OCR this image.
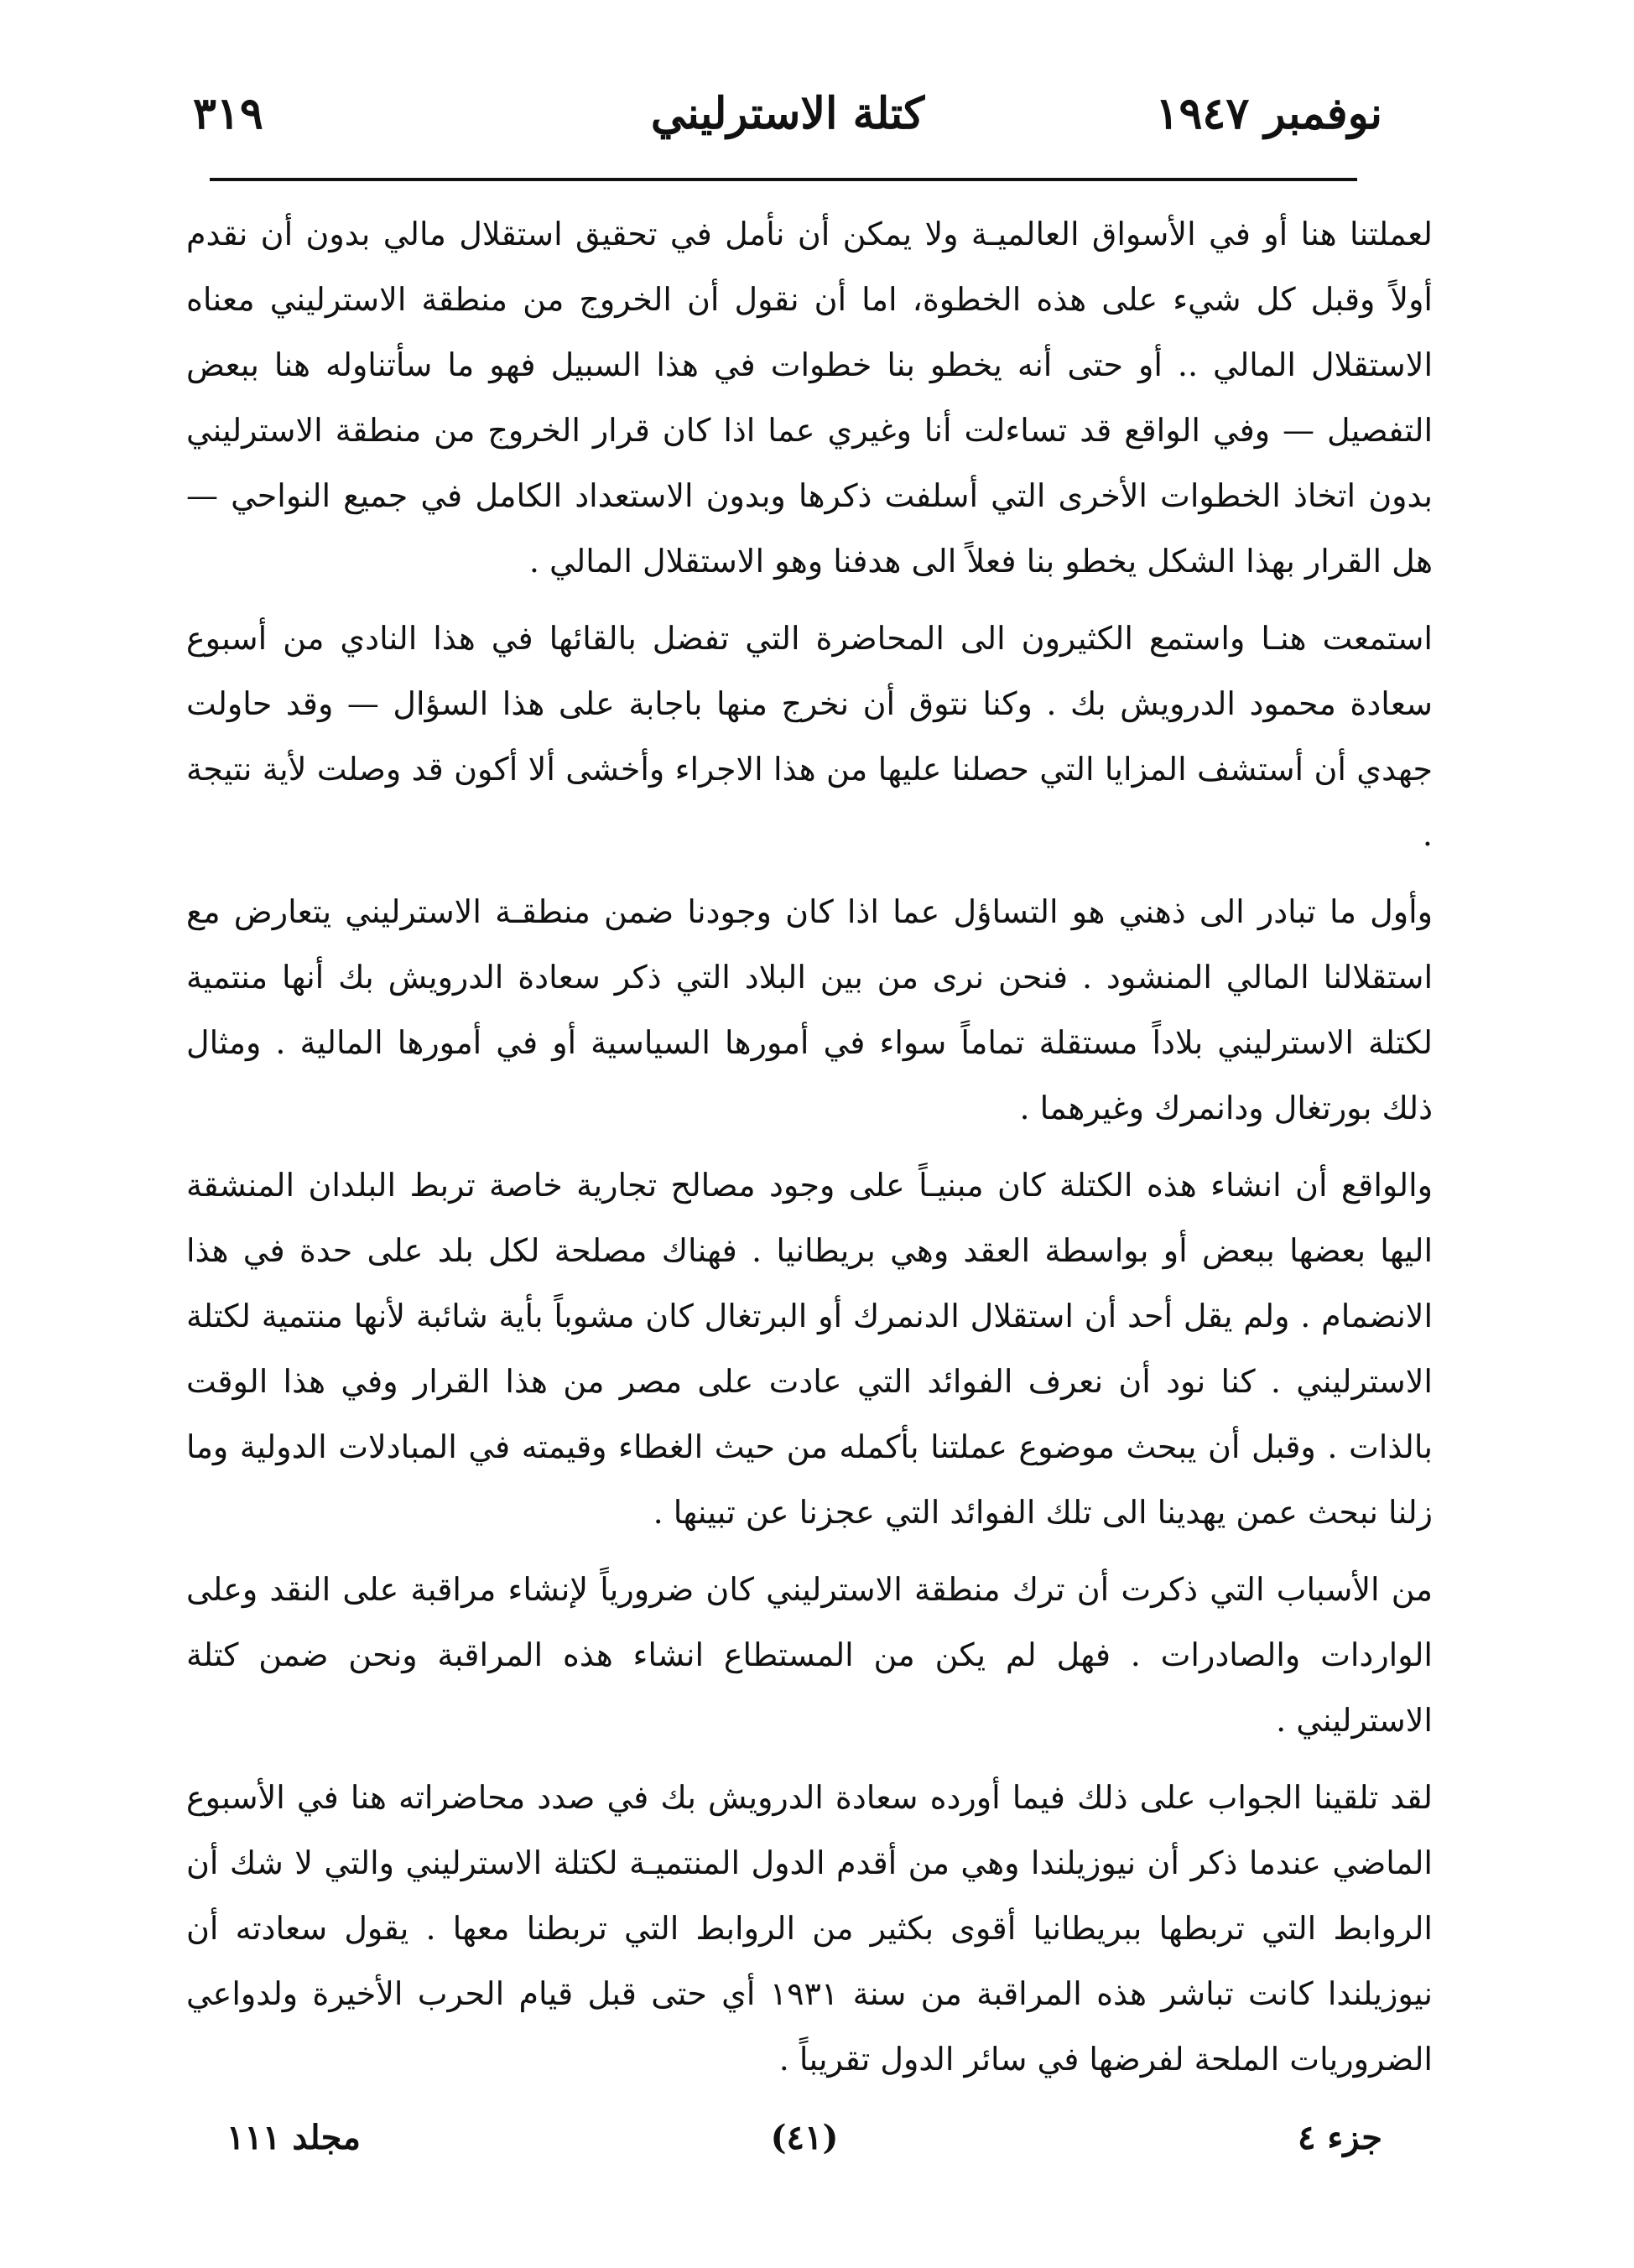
نوفمبر ١٩٤٧
كتلة الاسترليني
٣١٩

لعملتنا هنا أو في الأسواق العالميـة ولا يمكن أن نأمل في تحقيق استقلال مالي بدون أن نقدم أولاً وقبل كل شيء على هذه الخطوة، اما أن نقول أن الخروج من منطقة الاسترليني معناه الاستقلال المالي .. أو حتى أنه يخطو بنا خطوات في هذا السبيل فهو ما سأتناوله هنا ببعض التفصيل — وفي الواقع قد تساءلت أنا وغيري عما اذا كان قرار الخروج من منطقة الاسترليني بدون اتخاذ الخطوات الأخرى التي أسلفت ذكرها وبدون الاستعداد الكامل في جميع النواحي — هل القرار بهذا الشكل يخطو بنا فعلاً الى هدفنا وهو الاستقلال المالي .

استمعت هنـا واستمع الكثيرون الى المحاضرة التي تفضل بالقائها في هذا النادي من أسبوع سعادة محمود الدرويش بك . وكنا نتوق أن نخرج منها باجابة على هذا السؤال — وقد حاولت جهدي أن أستشف المزايا التي حصلنا عليها من هذا الاجراء وأخشى ألا أكون قد وصلت لأية نتيجة .

وأول ما تبادر الى ذهني هو التساؤل عما اذا كان وجودنا ضمن منطقـة الاسترليني يتعارض مع استقلالنا المالي المنشود . فنحن نرى من بين البلاد التي ذكر سعادة الدرويش بك أنها منتمية لكتلة الاسترليني بلاداً مستقلة تماماً سواء في أمورها السياسية أو في أمورها المالية . ومثال ذلك بورتغال ودانمرك وغيرهما .

والواقع أن انشاء هذه الكتلة كان مبنيـاً على وجود مصالح تجارية خاصة تربط البلدان المنشقة اليها بعضها ببعض أو بواسطة العقد وهي بريطانيا . فهناك مصلحة لكل بلد على حدة في هذا الانضمام . ولم يقل أحد أن استقلال الدنمرك أو البرتغال كان مشوباً بأية شائبة لأنها منتمية لكتلة الاسترليني . كنا نود أن نعرف الفوائد التي عادت على مصر من هذا القرار وفي هذا الوقت بالذات . وقبل أن يبحث موضوع عملتنا بأكمله من حيث الغطاء وقيمته في المبادلات الدولية وما زلنا نبحث عمن يهدينا الى تلك الفوائد التي عجزنا عن تبينها .

من الأسباب التي ذكرت أن ترك منطقة الاسترليني كان ضرورياً لإنشاء مراقبة على النقد وعلى الواردات والصادرات . فهل لم يكن من المستطاع انشاء هذه المراقبة ونحن ضمن كتلة الاسترليني .

لقد تلقينا الجواب على ذلك فيما أورده سعادة الدرويش بك في صدد محاضراته هنا في الأسبوع الماضي عندما ذكر أن نيوزيلندا وهي من أقدم الدول المنتميـة لكتلة الاسترليني والتي لا شك أن الروابط التي تربطها ببريطانيا أقوى بكثير من الروابط التي تربطنا معها . يقول سعادته أن نيوزيلندا كانت تباشر هذه المراقبة من سنة ١٩٣١ أي حتى قبل قيام الحرب الأخيرة ولدواعي الضروريات الملحة لفرضها في سائر الدول تقريباً .

جزء ٤
(٤١)
مجلد ١١١
